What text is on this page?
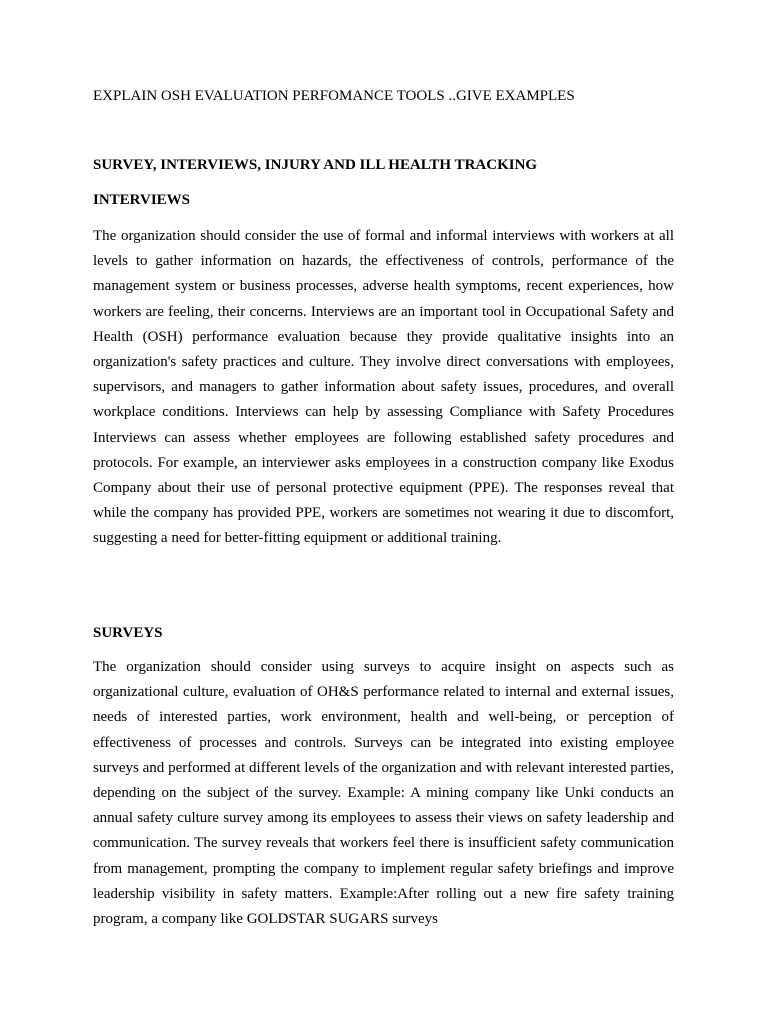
EXPLAIN OSH EVALUATION PERFOMANCE TOOLS ..GIVE EXAMPLES

SURVEY, INTERVIEWS, INJURY AND ILL HEALTH TRACKING

INTERVIEWS

The organization should consider the use of formal and informal interviews with workers at all levels to gather information on hazards, the effectiveness of controls, performance of the management system or business processes, adverse health symptoms, recent experiences, how workers are feeling, their concerns. Interviews are an important tool in Occupational Safety and Health (OSH) performance evaluation because they provide qualitative insights into an organization's safety practices and culture. They involve direct conversations with employees, supervisors, and managers to gather information about safety issues, procedures, and overall workplace conditions. Interviews can help by assessing Compliance with Safety Procedures Interviews can assess whether employees are following established safety procedures and protocols. For example, an interviewer asks employees in a construction company like Exodus Company about their use of personal protective equipment (PPE). The responses reveal that while the company has provided PPE, workers are sometimes not wearing it due to discomfort, suggesting a need for better-fitting equipment or additional training.

SURVEYS

The organization should consider using surveys to acquire insight on aspects such as organizational culture, evaluation of OH&S performance related to internal and external issues, needs of interested parties, work environment, health and well-being, or perception of effectiveness of processes and controls. Surveys can be integrated into existing employee surveys and performed at different levels of the organization and with relevant interested parties, depending on the subject of the survey. Example: A mining company like Unki conducts an annual safety culture survey among its employees to assess their views on safety leadership and communication. The survey reveals that workers feel there is insufficient safety communication from management, prompting the company to implement regular safety briefings and improve leadership visibility in safety matters. Example:After rolling out a new fire safety training program, a company like GOLDSTAR SUGARS surveys
